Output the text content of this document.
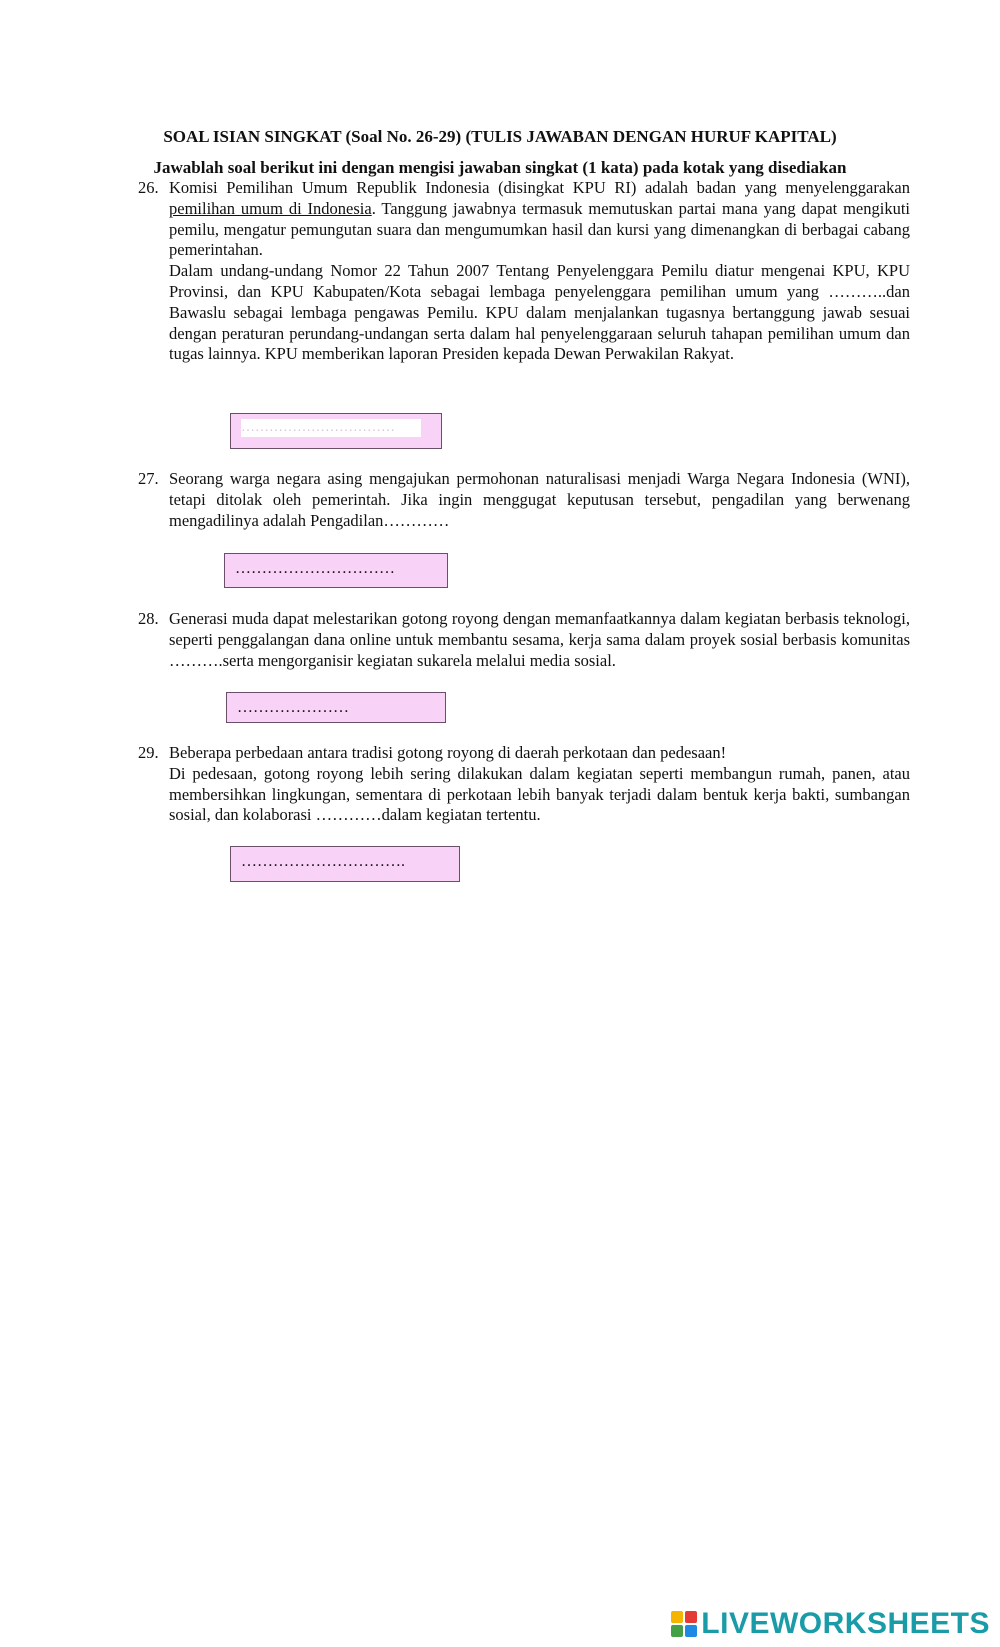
SOAL ISIAN SINGKAT (Soal No. 26-29) (TULIS JAWABAN DENGAN HURUF KAPITAL)
Jawablah soal berikut ini dengan mengisi jawaban singkat (1 kata) pada kotak yang disediakan
26. Komisi Pemilihan Umum Republik Indonesia (disingkat KPU RI) adalah badan yang menyelenggarakan pemilihan umum di Indonesia. Tanggung jawabnya termasuk memutuskan partai mana yang dapat mengikuti pemilu, mengatur pemungutan suara dan mengumumkan hasil dan kursi yang dimenangkan di berbagai cabang pemerintahan.

Dalam undang-undang Nomor 22 Tahun 2007 Tentang Penyelenggara Pemilu diatur mengenai KPU, KPU Provinsi, dan KPU Kabupaten/Kota sebagai lembaga penyelenggara pemilihan umum yang ………..dan Bawaslu sebagai lembaga pengawas Pemilu. KPU dalam menjalankan tugasnya bertanggung jawab sesuai dengan peraturan perundang-undangan serta dalam hal penyelenggaraan seluruh tahapan pemilihan umum dan tugas lainnya. KPU memberikan laporan Presiden kepada Dewan Perwakilan Rakyat.

……………………………
27. Seorang warga negara asing mengajukan permohonan naturalisasi menjadi Warga Negara Indonesia (WNI), tetapi ditolak oleh pemerintah. Jika ingin menggugat keputusan tersebut, pengadilan yang berwenang mengadilinya adalah Pengadilan…………
…………………………
28. Generasi muda dapat melestarikan gotong royong dengan memanfaatkannya dalam kegiatan berbasis teknologi, seperti penggalangan dana online untuk membantu sesama, kerja sama dalam proyek sosial berbasis komunitas ……….serta mengorganisir kegiatan sukarela melalui media sosial.
…………………
29. Beberapa perbedaan antara tradisi gotong royong di daerah perkotaan dan pedesaan!

Di pedesaan, gotong royong lebih sering dilakukan dalam kegiatan seperti membangun rumah, panen, atau membersihkan lingkungan, sementara di perkotaan lebih banyak terjadi dalam bentuk kerja bakti, sumbangan sosial, dan kolaborasi …………dalam kegiatan tertentu.

………………………….
LIVEWORKSHEETS
